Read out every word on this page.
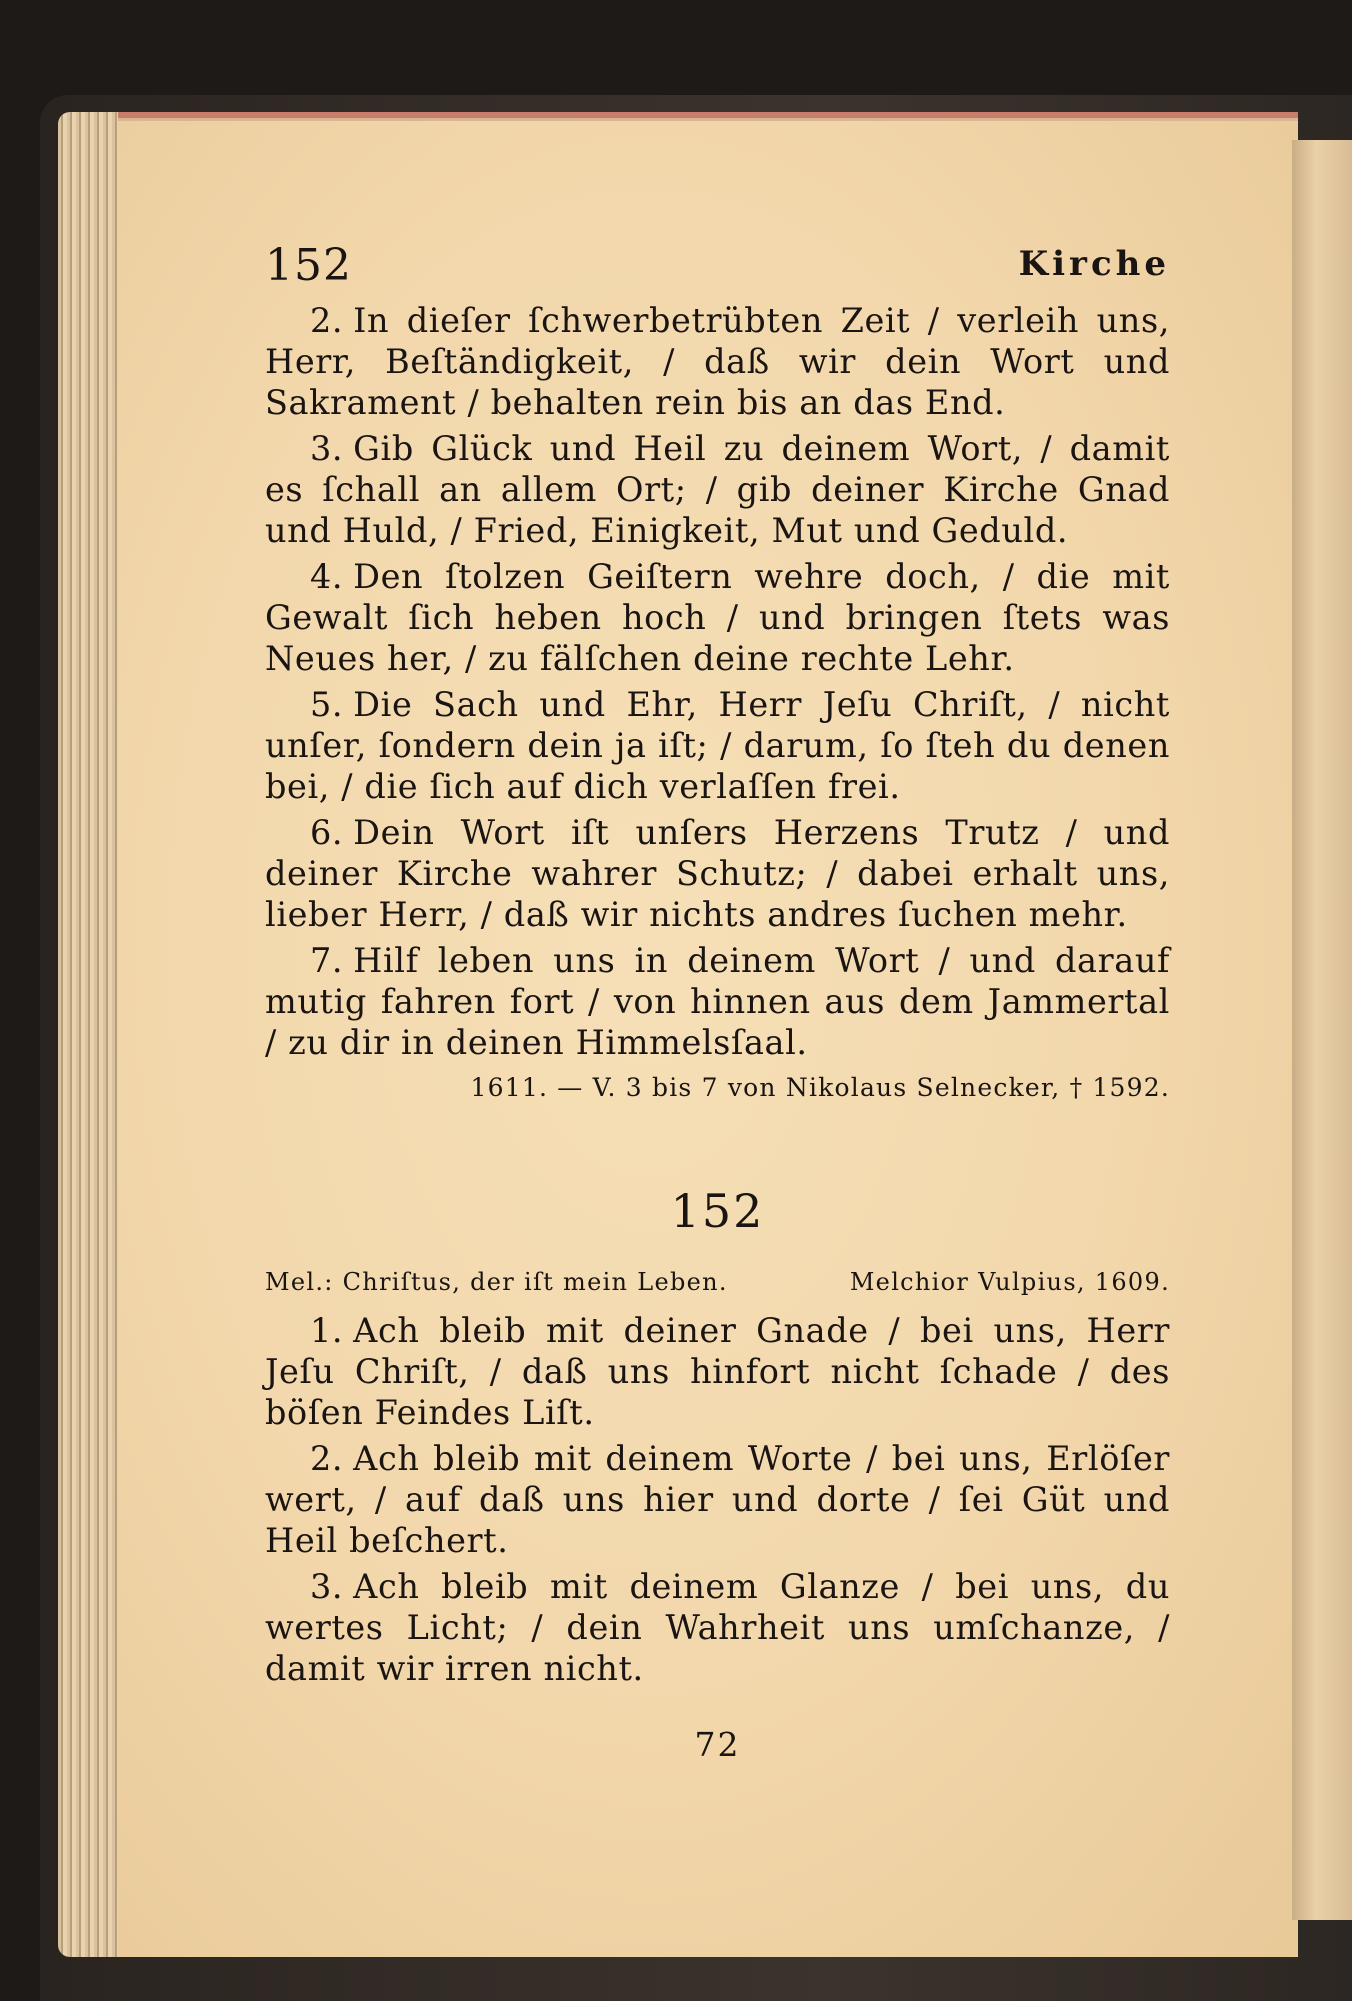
152	Kirche

2. In dieſer ſchwerbetrübten Zeit / verleih uns, Herr, Beſtändigkeit, / daß wir dein Wort und Sakrament / behalten rein bis an das End.

3. Gib Glück und Heil zu deinem Wort, / damit es ſchall an allem Ort; / gib deiner Kirche Gnad und Huld, / Fried, Einigkeit, Mut und Geduld.

4. Den ſtolzen Geiſtern wehre doch, / die mit Gewalt ſich heben hoch / und bringen ſtets was Neues her, / zu fälſchen deine rechte Lehr.

5. Die Sach und Ehr, Herr Jeſu Chriſt, / nicht unſer, ſondern dein ja iſt; / darum, ſo ſteh du denen bei, / die ſich auf dich verlaſſen frei.

6. Dein Wort iſt unſers Herzens Trutz / und deiner Kirche wahrer Schutz; / dabei erhalt uns, lieber Herr, / daß wir nichts andres ſuchen mehr.

7. Hilf leben uns in deinem Wort / und darauf mutig fahren fort / von hinnen aus dem Jammertal / zu dir in deinen Himmelsſaal.

1611. — V. 3 bis 7 von Nikolaus Selnecker, † 1592.
152
Mel.: Chriſtus, der iſt mein Leben.	Melchior Vulpius, 1609.

1. Ach bleib mit deiner Gnade / bei uns, Herr Jeſu Chriſt, / daß uns hinfort nicht ſchade / des böſen Feindes Liſt.

2. Ach bleib mit deinem Worte / bei uns, Erlöſer wert, / auf daß uns hier und dorte / ſei Güt und Heil beſchert.

3. Ach bleib mit deinem Glanze / bei uns, du wertes Licht; / dein Wahrheit uns umſchanze, / damit wir irren nicht.

72
